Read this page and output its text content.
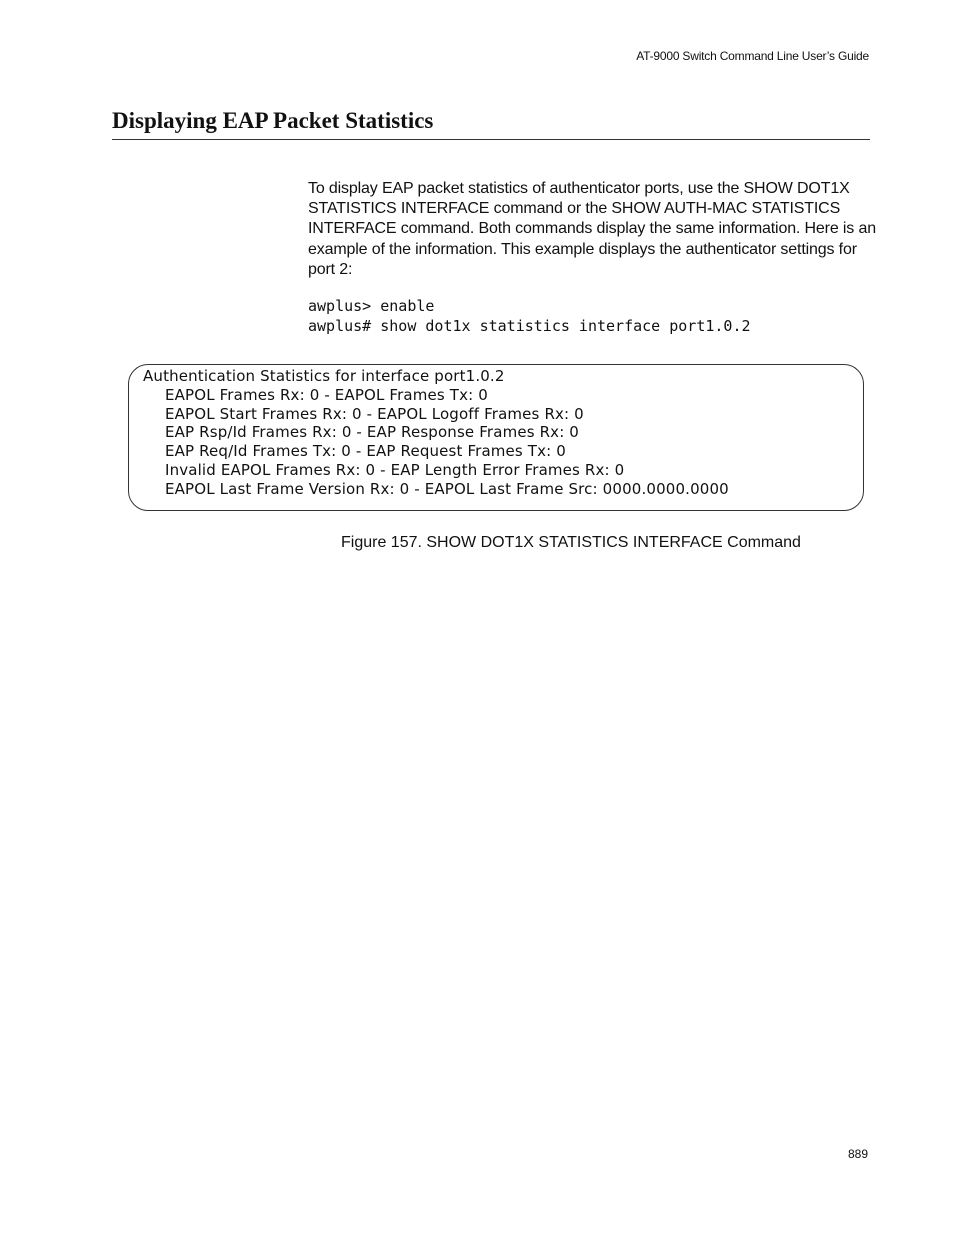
AT-9000 Switch Command Line User’s Guide
Displaying EAP Packet Statistics

To display EAP packet statistics of authenticator ports, use the SHOW DOT1X STATISTICS INTERFACE command or the SHOW AUTH-MAC STATISTICS INTERFACE command. Both commands display the same information. Here is an example of the information. This example displays the authenticator settings for port 2:

awplus> enable
awplus# show dot1x statistics interface port1.0.2
Authentication Statistics for interface port1.0.2
EAPOL Frames Rx: 0 - EAPOL Frames Tx: 0
EAPOL Start Frames Rx: 0 - EAPOL Logoff Frames Rx: 0
EAP Rsp/Id Frames Rx: 0 - EAP Response Frames Rx: 0
EAP Req/Id Frames Tx: 0 - EAP Request Frames Tx: 0
Invalid EAPOL Frames Rx: 0 - EAP Length Error Frames Rx: 0
EAPOL Last Frame Version Rx: 0 - EAPOL Last Frame Src: 0000.0000.0000
Figure 157. SHOW DOT1X STATISTICS INTERFACE Command
889
